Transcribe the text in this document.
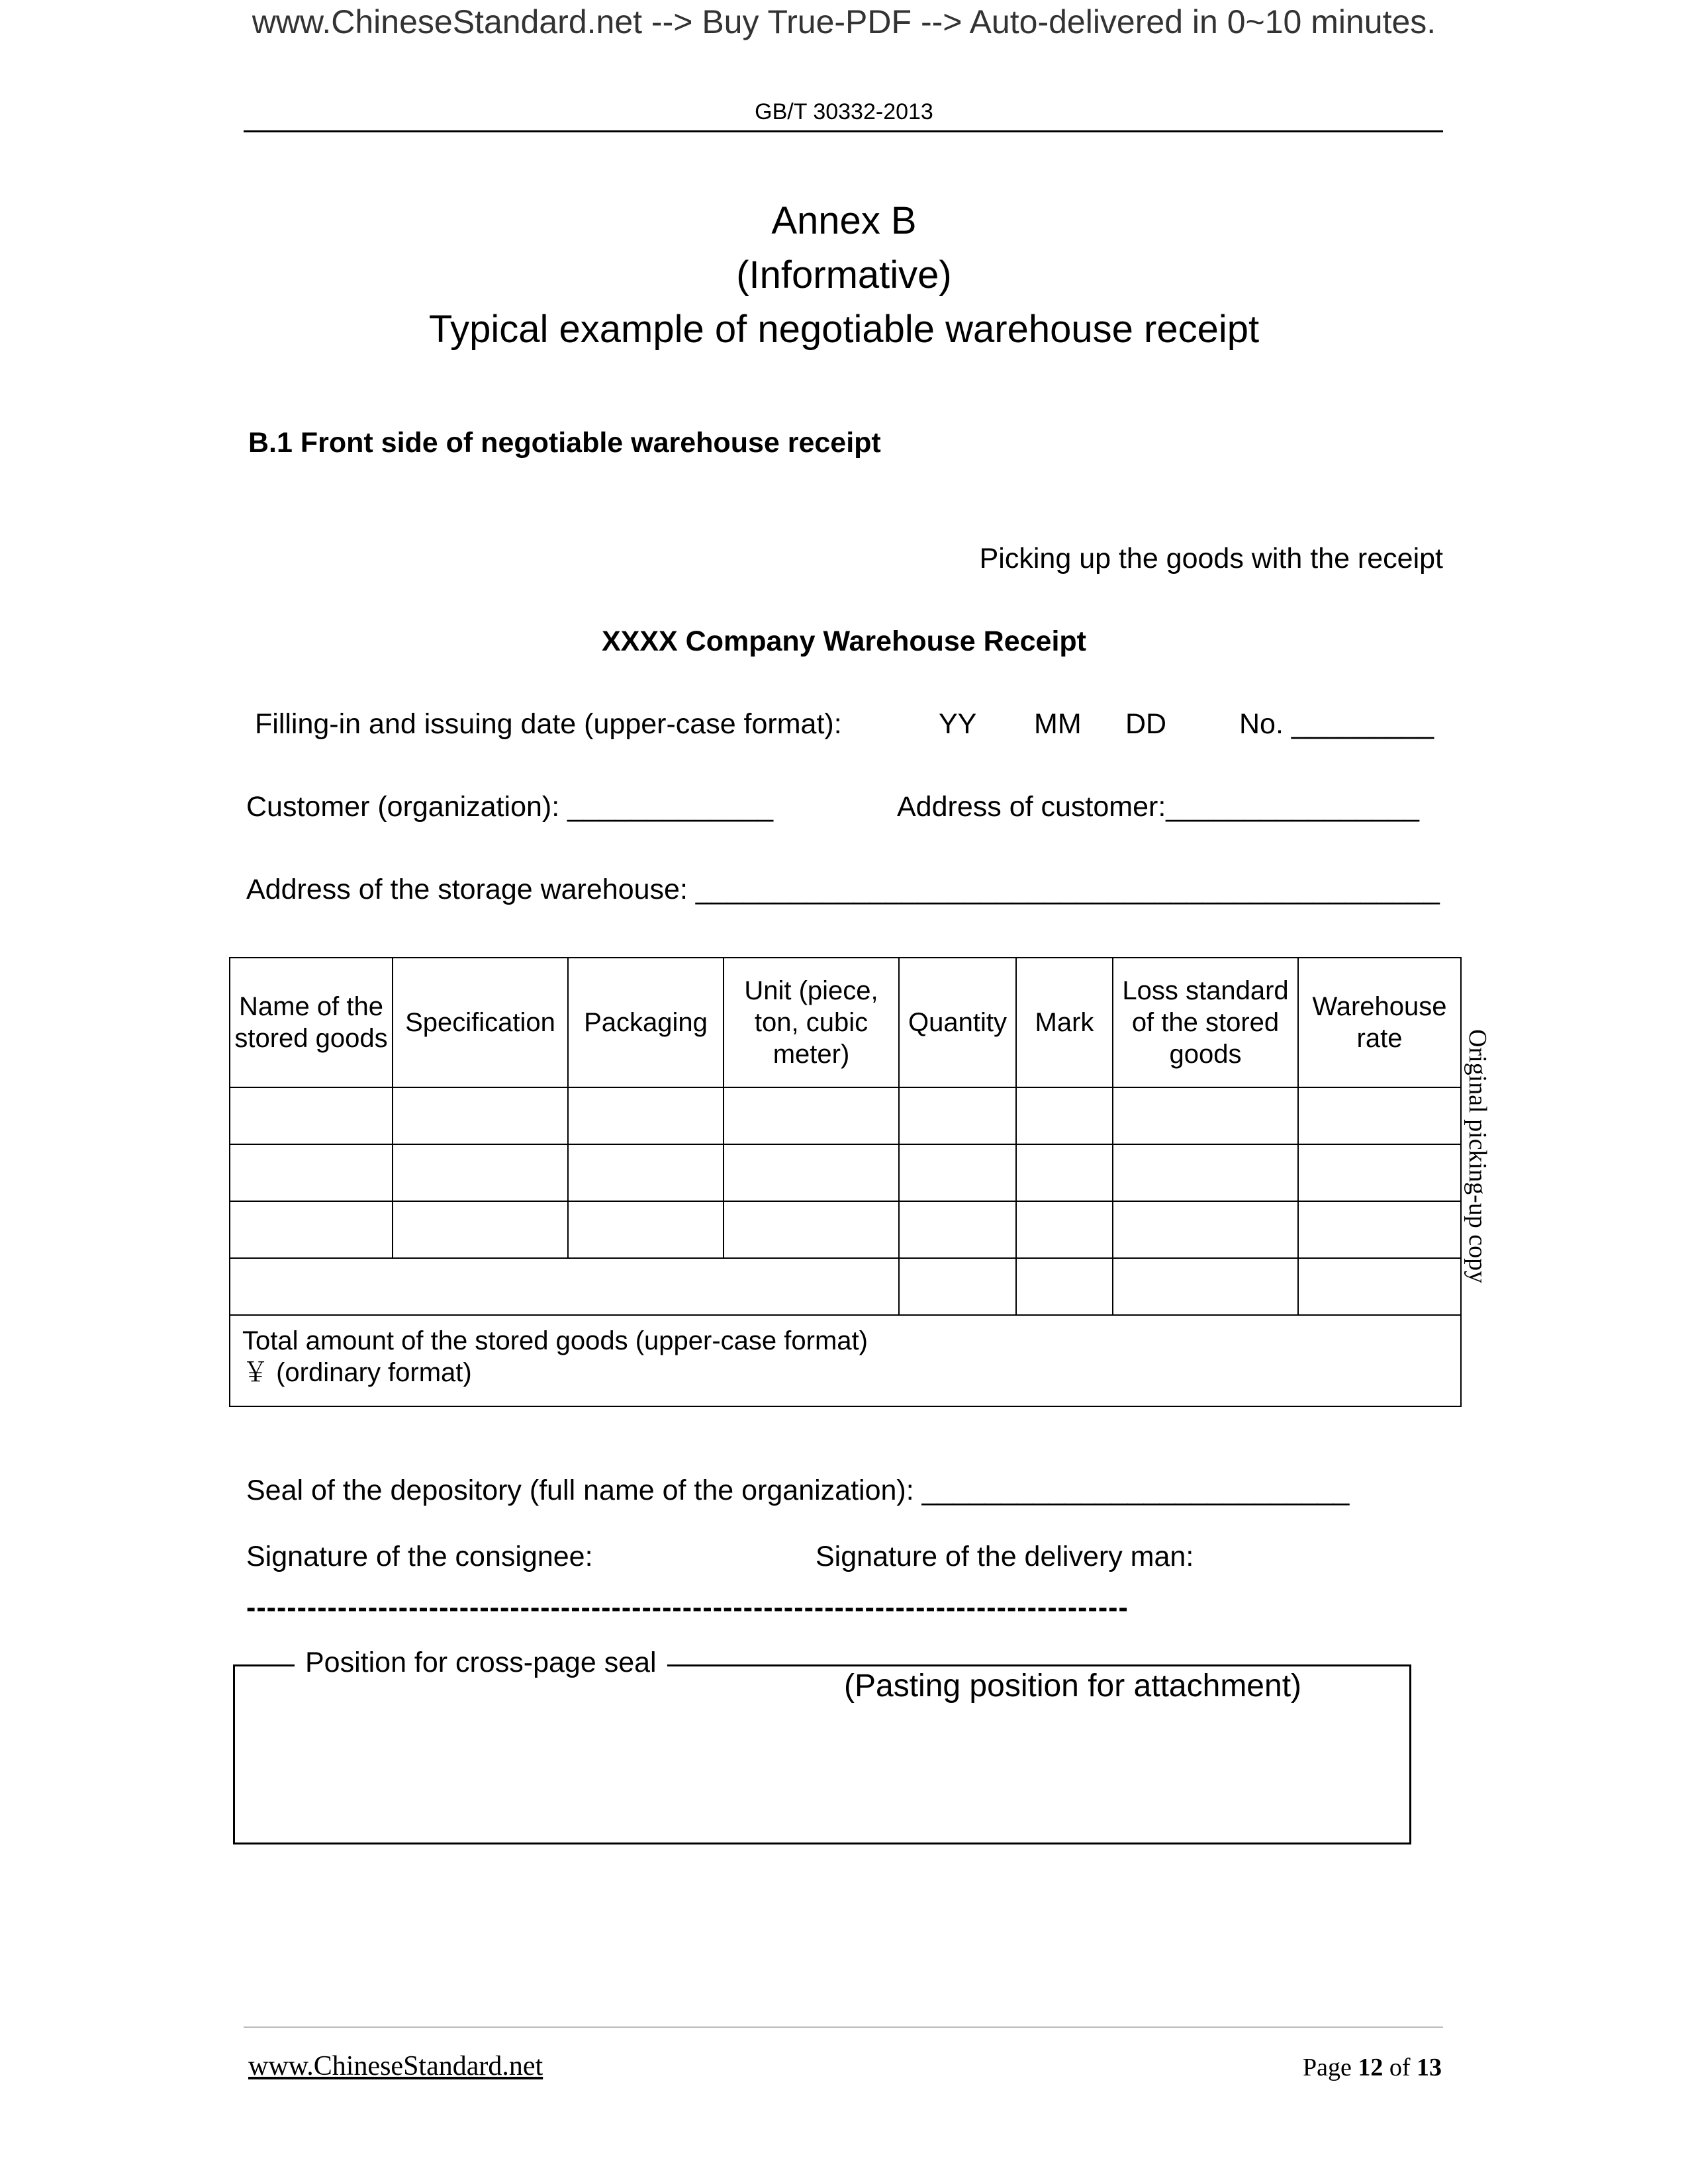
www.ChineseStandard.net --> Buy True-PDF --> Auto-delivered in 0~10 minutes.
GB/T 30332-2013
Annex B
(Informative)
Typical example of negotiable warehouse receipt
B.1 Front side of negotiable warehouse receipt
Picking up the goods with the receipt
XXXX Company Warehouse Receipt
Filling-in and issuing date (upper-case format):	YY MM DD	No. _________
Customer (organization): _____________	Address of customer:________________
Address of the storage warehouse: _______________________________________________
Name of the stored goods	Specification	Packaging	Unit (piece, ton, cubic meter)	Quantity	Mark	Loss standard of the stored goods	Warehouse rate

Total amount of the stored goods (upper-case format)
￥ (ordinary format)							
Original picking-up copy
Seal of the depository (full name of the organization): ___________________________
Signature of the consignee:	Signature of the delivery man:
---------------------------------------------------------------------------------------
Position for cross-page seal
(Pasting position for attachment)
www.ChineseStandard.net	Page 12 of 13
